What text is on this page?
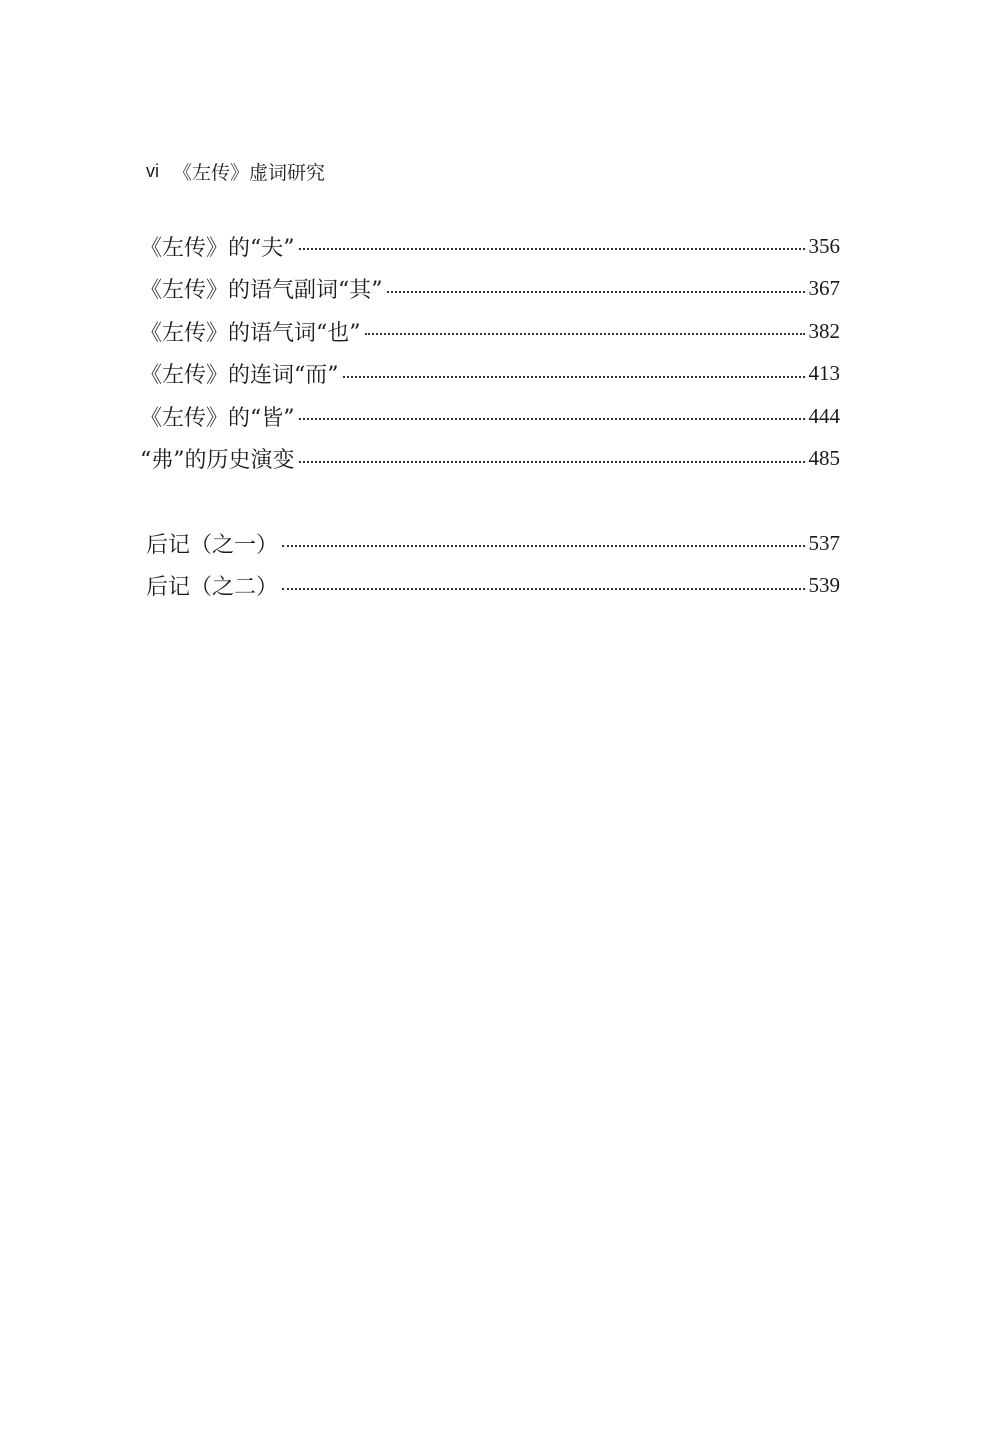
vi 《左传》虚词研究
《左传》的“夫”	356
《左传》的语气副词“其”	367
《左传》的语气词“也”	382
《左传》的连词“而”	413
《左传》的“皆”	444
“弗”的历史演变	485
后记（之一）	537
后记（之二）	539
